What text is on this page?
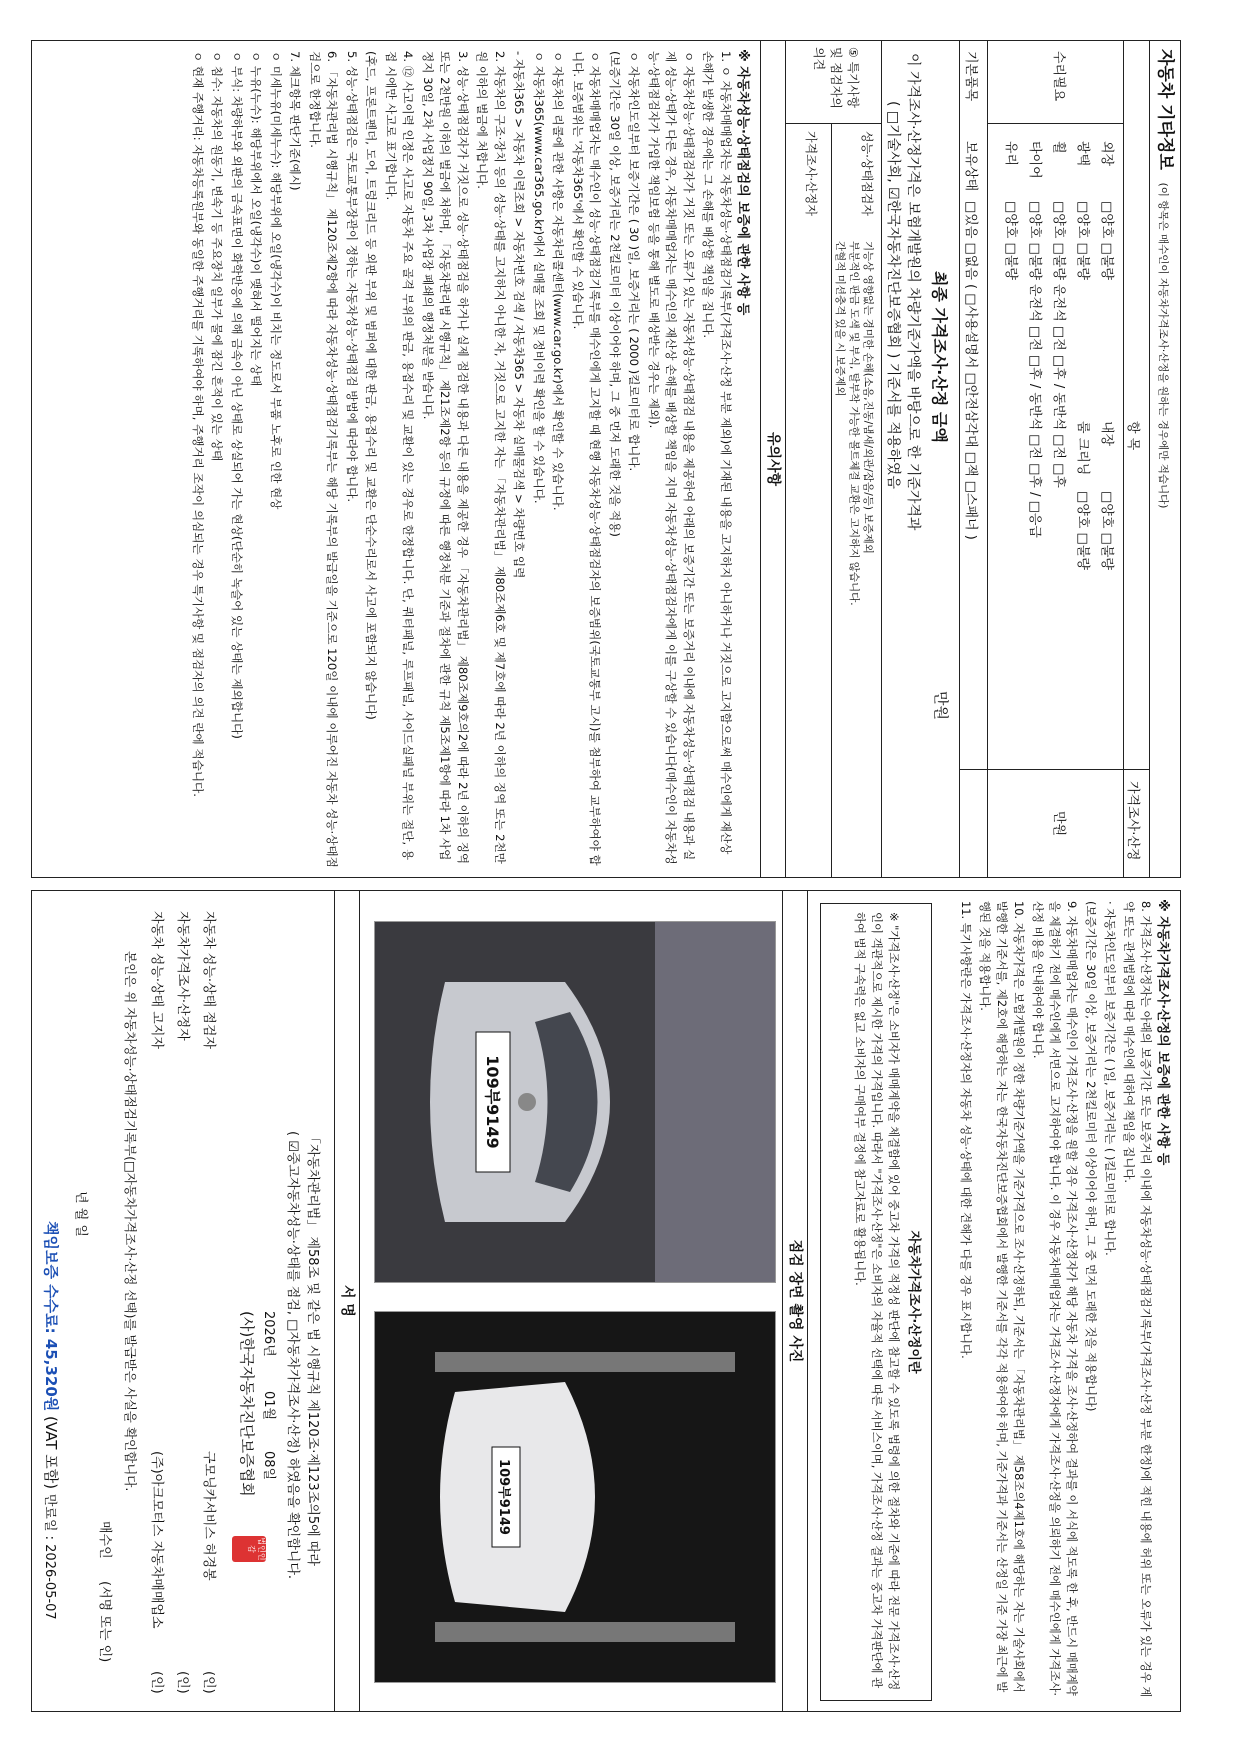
자동차 기타정보 (이 항목은 매수인이 자동차가격조사·산정을 원하는 경우에만 적습니다)
항 목
가격조사·산정
수리필요
외장
□양호 □불량
내장
□양호 □불량
광택
□양호 □불량
룸 크리닝
□양호 □불량
휠
□양호 □불량 운전석 □전 □후 / 동반석 □전 □후
타이어
□양호 □불량 운전석 □전 □후 / 동반석 □전 □후 / □응급
유리
□양호 □불량
기본품목
보유상태
□있음 □없음 ( □사용설명서 □안전삼각대 □잭 □스패너 )
만원
최종 가격조사·산정 금액
만원
이 가격조사·산정가격은 보험개발원의 차량기준가액을 바탕으로 한 기준가격과
( □기술사회, ☑한국자동차진단보증협회 ) 기준서를 적용하였음
⑤ 특기사항 및 점검자의 의견
성능·상태점검자
기능상 영향없는 경미한 손해(소음,진동/냄새/외관/잡음/등) 보증제외
부분적인 판금 도색 및 부식, 탈부착 가능한 볼트체결 교환은 고지하지 않습니다.
간혈적 미션충격 있을 시 보증제외
가격조사·산정자
유의사항
※ 자동차성능·상태점검의 보증에 관한 사항 등

1. ㅇ 자동차매매업자는 자동차성능·상태점검기록부(가격조사·산정 부분 제외)에 기재된 내용을 고지하지 아니하거나 거짓으로 고지함으로써 매수인에게 재산상 손해가 발생한 경우에는 그 손해를 배상할 책임을 집니다.

ㅇ 자동차성능·상태점검자가 거짓 또는 오류가 있는 자동차성능·상태점검 내용을 제공하여 아래의 보증기간 또는 보증거리 이내에 자동차성능·상태점검 내용과 실제 성능·상태가 다른 경우, 자동차매매업자는 매수인의 재산상 손해를 배상할 책임을 지며 자동차성능·상태점검자에게 이를 구상할 수 있습니다(매수인이 자동차성능·상태점검자가 가입한 책임보험 등을 통해 별도로 배상받는 경우는 제외).

ㅇ 자동차인도일부터 보증기간은 ( 30 )일, 보증거리는 ( 2000 )킬로미터로 합니다.

(보증기간은 30일 이상, 보증거리는 2천킬로미터 이상이어야 하며, 그 중 먼저 도래한 것을 적용)

ㅇ 자동차매매업자는 매수인이 성능·상태점검기록부를 매수인에게 고지할 때 현행 자동차성능·상태점검자의 보증범위(국토교통부 고시)를 첨부하여 교부하여야 합니다. 보증범위는 '자동차365'에서 확인할 수 있습니다.

ㅇ 자동차의 리콜에 관한 사항은 자동차리콜센터(www.car.go.kr)에서 확인할 수 있습니다.

ㅇ 자동차365(www.car365.go.kr)에서 실매물 조회 및 정비이력 확인을 할 수 있습니다.

- 자동차365 > 자동차 이력조회 > 자동차번호 검색 / 자동차365 > 자동차 실매물검색 > 차량번호 입력

2. 자동차의 구조·장치 등의 성능·상태를 고지하지 아니한 자, 거짓으로 고지한 자는 「자동차관리법」 제80조제6호 및 제7호에 따라 2년 이하의 징역 또는 2천만원 이하의 벌금에 처합니다.

3. 성능·상태점검자가 거짓으로 성능·상태점검을 하거나 실제 점검한 내용과 다른 내용을 제공한 경우 「자동차관리법」 제80조제9호의2에 따라 2년 이하의 징역 또는 2천만원 이하의 벌금에 처하며, 「자동차관리법 시행규칙」 제21조제2항 등의 규정에 따른 행정처분 기준과 절차에 관한 규칙 제5조제1항에 따라 1차 사업정지 30일, 2차 사업정지 90일, 3차 사업장 폐쇄의 행정처분을 받습니다.

4. ⑫ 사고이력 인정은 사고로 자동차 주요 골격 부위의 판금, 용접수리 및 교환이 있는 경우로 한정합니다. 단, 쿼터패널, 루프패널, 사이드실패널 부위는 절단, 용접 시에만 사고로 표기합니다.

(후드, 프론트펜더, 도어, 트렁크리드 등 외판 부위 및 범퍼에 대한 판금, 용접수리 및 교환은 단순수리로서 사고에 포함되지 않습니다)

5. 성능·상태점검은 국토교통부장관이 정하는 자동차성능·상태점검 방법에 따라야 합니다.

6. 「자동차관리법 시행규칙」 제120조제2항에 따라 자동차성능·상태점검기록부는 해당 기록부의 발급일을 기준으로 120일 이내에 이루어진 자동차 성능·상태점검으로 한정합니다.

7. 체크항목 판단기준(예시)

ㅇ 미세누유(미세누수): 해당부위에 오일(냉각수)이 비치는 정도로서 부품 노후로 인한 현상

ㅇ 누유(누수): 해당부위에서 오일(냉각수)이 맺혀서 떨어지는 상태

ㅇ 부식: 차량하부와 외판의 금속표면이 화학반응에 의해 금속이 아닌 상태로 상실되어 가는 현상(단순히 녹슬어 있는 상태는 제외합니다)

ㅇ 침수: 자동차의 원동기, 변속기 등 주요장치 일부가 물에 잠긴 흔적이 있는 상태

ㅇ 현재 주행거리: 자동차등록원부와 동일한 주행거리를 기록하여야 하며, 주행거리 조작이 의심되는 경우 특기사항 및 점검자의 의견 란에 적습니다.

※ 자동차가격조사·산정의 보증에 관한 사항 등

8. 가격조사·산정자는 아래의 보증기간 또는 보증거리 이내에 자동차성능·상태점검기록부(가격조사·산정 부분 한정)에 적힌 내용에 허위 또는 오류가 있는 경우 계약 또는 관계법령에 따라 매수인에 대하여 책임을 집니다.

· 자동차인도일부터 보증기간은 ( )일, 보증거리는 ( )킬로미터로 합니다.

(보증기간은 30일 이상, 보증거리는 2천킬로미터 이상이어야 하며, 그 중 먼저 도래한 것을 적용합니다)

9. 자동차매매업자는 매수인이 가격조사·산정을 원할 경우 가격조사·산정자가 해당 자동차 가격을 조사·산정하여 결과를 이 서식에 적도록 한 후, 반드시 매매계약을 체결하기 전에 매수인에게 서면으로 고지하여야 합니다. 이 경우 자동차매매업자는 가격조사·산정자에게 가격조사·산정을 의뢰하기 전에 매수인에게 가격조사·산정 비용을 안내하여야 합니다.

10. 자동차가격은 보험개발원이 정한 차량기준가액을 기준가격으로 조사·산정하되, 기준서는 「자동차관리법」 제58조의4제1호에 해당하는 자는 기술사회에서 발행한 기준서를, 제2호에 해당하는 자는 한국자동차진단보증협회에서 발행한 기준서를 각각 적용하여야 하며, 기준가격과 기준서는 산정일 기준 가장 최근에 발행된 것을 적용합니다.

11. 특기사항란은 가격조사·산정자의 자동차 성능·상태에 대한 견해가 다를 경우 표시합니다.

자동차가격조사·산정이란
※ "가격조사·산정"은 소비자가 매매계약을 체결함에 있어 중고차 가격의 적정성 판단에 참고할 수 있도록 법령에 의한 절차와 기준에 따라 전문 가격조사·산정인이 객관적으로 제시한 가격의 가격입니다. 따라서 "가격조사·산정"은 소비자의 자율적 선택에 따른 서비스이며, 가격조사·산정 결과는 중고차 가격판단에 관하여 법적 구속력은 없고 소비자의 구매여부 결정에 참고자료로 활용됩니다.
점검 장면 촬영 사진
109부9149
109부9149
서 명
「자동차관리법」 제58조 및 같은 법 시행규칙 제120조·제123조의5에 따라
( ☑중고자동차성능·상태를 점검, □자동차가격조사·산정) 하였음을 확인합니다.
2026년
01월
08일
(사)한국자동차진단보증협회
법인인감
자동차 성능·상태 점검자
구모닝카서비스 허경봉
(인)
자동차가격조사·산정자
(인)
자동차 성능·상태 고지자
(주)아크모터스 자동차매매업소
(인)
본인은 위 자동차성능·상태점검기록부(□자동차가격조사·산정 선택)를 발급받은 사실을 확인합니다.
매수인
(서명 또는 인)
년 월 일
책임보증 수수료: 45,320원 (VAT 포함) 만료일 : 2026-05-07
